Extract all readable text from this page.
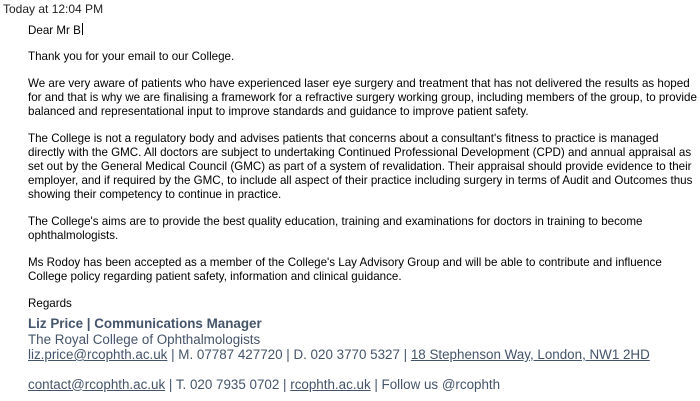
Today at 12:04 PM

Dear Mr B

Thank you for your email to our College.

We are very aware of patients who have experienced laser eye surgery and treatment that has not delivered the results as hoped for and that is why we are finalising a framework for a refractive surgery working group, including members of the group, to provide balanced and representational input to improve standards and guidance to improve patient safety.

The College is not a regulatory body and advises patients that concerns about a consultant's fitness to practice is managed directly with the GMC. All doctors are subject to undertaking Continued Professional Development (CPD) and annual appraisal as set out by the General Medical Council (GMC) as part of a system of revalidation. Their appraisal should provide evidence to their employer, and if required by the GMC, to include all aspect of their practice including surgery in terms of Audit and Outcomes thus showing their competency to continue in practice.

The College's aims are to provide the best quality education, training and examinations for doctors in training to become ophthalmologists.

Ms Rodoy has been accepted as a member of the College's Lay Advisory Group and will be able to contribute and influence College policy regarding patient safety, information and clinical guidance.

Regards

Liz Price | Communications Manager
The Royal College of Ophthalmologists
liz.price@rcophth.ac.uk | M. 07787 427720 | D. 020 3770 5327 | 18 Stephenson Way, London, NW1 2HD
contact@rcophth.ac.uk | T. 020 7935 0702 | rcophth.ac.uk | Follow us @rcophth
